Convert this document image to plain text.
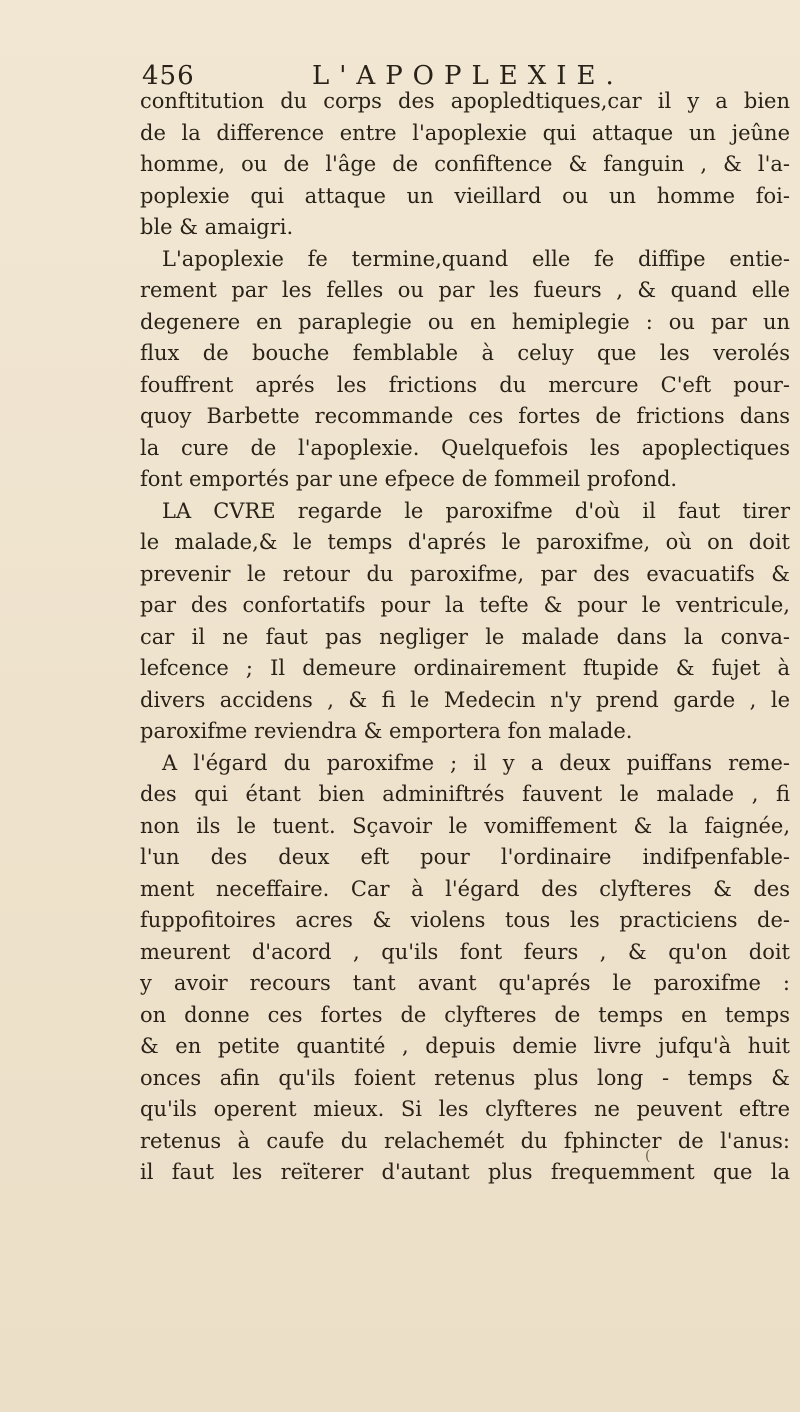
456	L'APOPLEXIE.
conftitution du corps des apopledtiques,car il y a bien
de la difference entre l'apoplexie qui attaque un jeûne
homme, ou de l'âge de confiftence & fanguin , & l'a-
poplexie qui attaque un vieillard ou un homme foi-
ble & amaigri.
L'apoplexie fe termine,quand elle fe diffipe entie-
rement par les felles ou par les fueurs , & quand elle
degenere en paraplegie ou en hemiplegie : ou par un
flux de bouche femblable à celuy que les verolés
fouffrent aprés les frictions du mercure C'eft pour-
quoy Barbette recommande ces fortes de frictions dans
la cure de l'apoplexie. Quelquefois les apoplectiques
font emportés par une efpece de fommeil profond.
LA CVRE regarde le paroxifme d'où il faut tirer
le malade,& le temps d'aprés le paroxifme, où on doit
prevenir le retour du paroxifme, par des evacuatifs &
par des confortatifs pour la tefte & pour le ventricule,
car il ne faut pas negliger le malade dans la conva-
lefcence ; Il demeure ordinairement ftupide & fujet à
divers accidens , & fi le Medecin n'y prend garde , le
paroxifme reviendra & emportera fon malade.
A l'égard du paroxifme ; il y a deux puiffans reme-
des qui étant bien adminiftrés fauvent le malade , fi
non ils le tuent. Sçavoir le vomiffement & la faignée,
l'un des deux eft pour l'ordinaire indifpenfable-
ment neceffaire. Car à l'égard des clyfteres & des
fuppofitoires acres & violens tous les practiciens de-
meurent d'acord , qu'ils font feurs , & qu'on doit
y avoir recours tant avant qu'aprés le paroxifme :
on donne ces fortes de clyfteres de temps en temps
& en petite quantité , depuis demie livre jufqu'à huit
onces afin qu'ils foient retenus plus long - temps &
qu'ils operent mieux. Si les clyfteres ne peuvent eftre
retenus à caufe du relachemét du fphincter de l'anus:
il faut les reïterer d'autant plus frequemment que la
(
